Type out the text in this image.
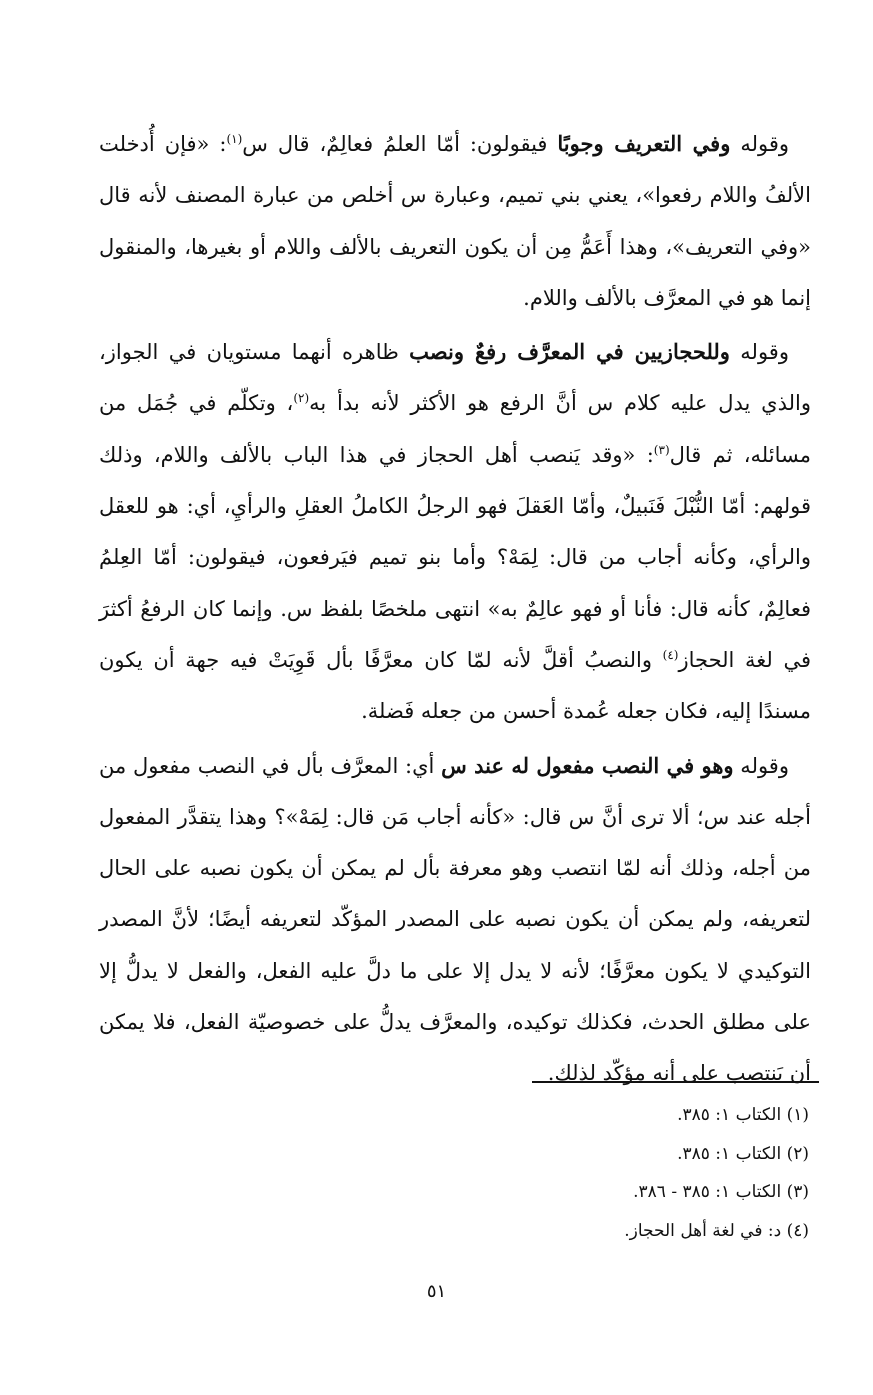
وقوله وفي التعريف وجوبًا فيقولون: أمّا العلمُ فعالِمٌ، قال س$^{(١)}$: «فإن أُدخلت الألفُ واللام رفعوا»، يعني بني تميم، وعبارة س أخلص من عبارة المصنف لأنه قال «وفي التعريف»، وهذا أَعَمُّ مِن أن يكون التعريف بالألف واللام أو بغيرها، والمنقول إنما هو في المعرَّف بالألف واللام.

وقوله وللحجازيين في المعرَّف رفعٌ ونصب ظاهره أنهما مستويان في الجواز، والذي يدل عليه كلام س أنَّ الرفع هو الأكثر لأنه بدأ به$^{(٢)}$، وتكلّم في جُمَل من مسائله، ثم قال$^{(٣)}$: «وقد يَنصب أهل الحجاز في هذا الباب بالألف واللام، وذلك قولهم: أمّا النُّبْلَ فَنَبيلٌ، وأمّا العَقلَ فهو الرجلُ الكاملُ العقلِ والرأيِ، أي: هو للعقل والرأي، وكأنه أجاب من قال: لِمَهْ؟ وأما بنو تميم فيَرفعون، فيقولون: أمّا العِلمُ فعالِمٌ، كأنه قال: فأنا أو فهو عالِمٌ به» انتهى ملخصًا بلفظ س. وإنما كان الرفعُ أكثرَ في لغة الحجاز$^{(٤)}$ والنصبُ أقلَّ لأنه لمّا كان معرَّفًا بأل قَوِيَتْ فيه جهة أن يكون مسندًا إليه، فكان جعله عُمدة أحسن من جعله فَضلة.

وقوله وهو في النصب مفعول له عند س أي: المعرَّف بأل في النصب مفعول من أجله عند س؛ ألا ترى أنَّ س قال: «كأنه أجاب مَن قال: لِمَهْ»؟ وهذا يتقدَّر المفعول من أجله، وذلك أنه لمّا انتصب وهو معرفة بأل لم يمكن أن يكون نصبه على الحال لتعريفه، ولم يمكن أن يكون نصبه على المصدر المؤكّد لتعريفه أيضًا؛ لأنَّ المصدر التوكيدي لا يكون معرَّفًا؛ لأنه لا يدل إلا على ما دلَّ عليه الفعل، والفعل لا يدلُّ إلا على مطلق الحدث، فكذلك توكيده، والمعرَّف يدلُّ على خصوصيّة الفعل، فلا يمكن أن يَنتصب على أنه مؤكّد لذلك.

(١) الكتاب ١: ٣٨٥.

(٢) الكتاب ١: ٣٨٥.

(٣) الكتاب ١: ٣٨٥ - ٣٨٦.

(٤) د: في لغة أهل الحجاز.

٥١
